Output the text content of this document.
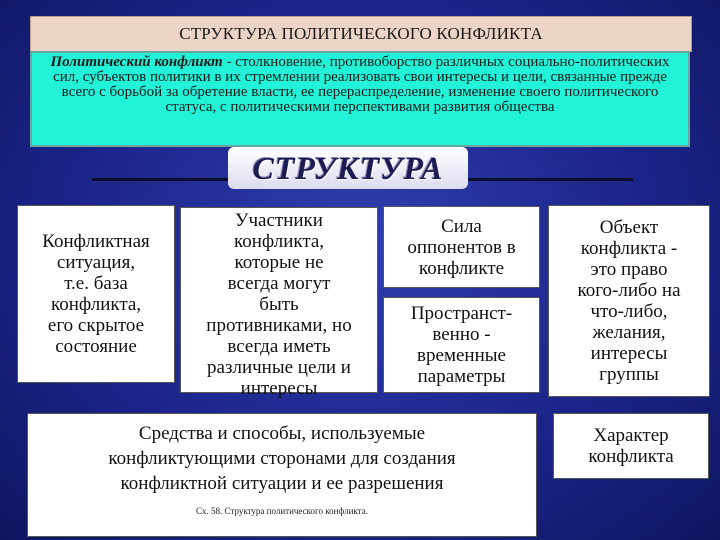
СТРУКТУРА ПОЛИТИЧЕСКОГО КОНФЛИКТА
Политический конфликт - столкновение, противоборство различных социально-политических сил, субъектов политики в их стремлении реализовать свои интересы и цели, связанные прежде всего с борьбой за обретение власти, ее перераспределение, изменение своего политического статуса, с политическими перспективами развития общества
СТРУКТУРА
Конфликтная
ситуация,
т.е. база
конфликта,
его скрытое
состояние
Участники
конфликта,
которые не
всегда могут
быть
противниками, но
всегда иметь
различные цели и
интересы
Сила
оппонентов в
конфликте
Пространст-
венно -
временные
параметры
Объект
конфликта -
это право
кого-либо на
что-либо,
желания,
интересы
группы
Средства и способы, используемые
конфликтующими сторонами для создания
конфликтной ситуации и ее разрешения
Сх. 58. Структура политического конфликта.
Характер
конфликта
